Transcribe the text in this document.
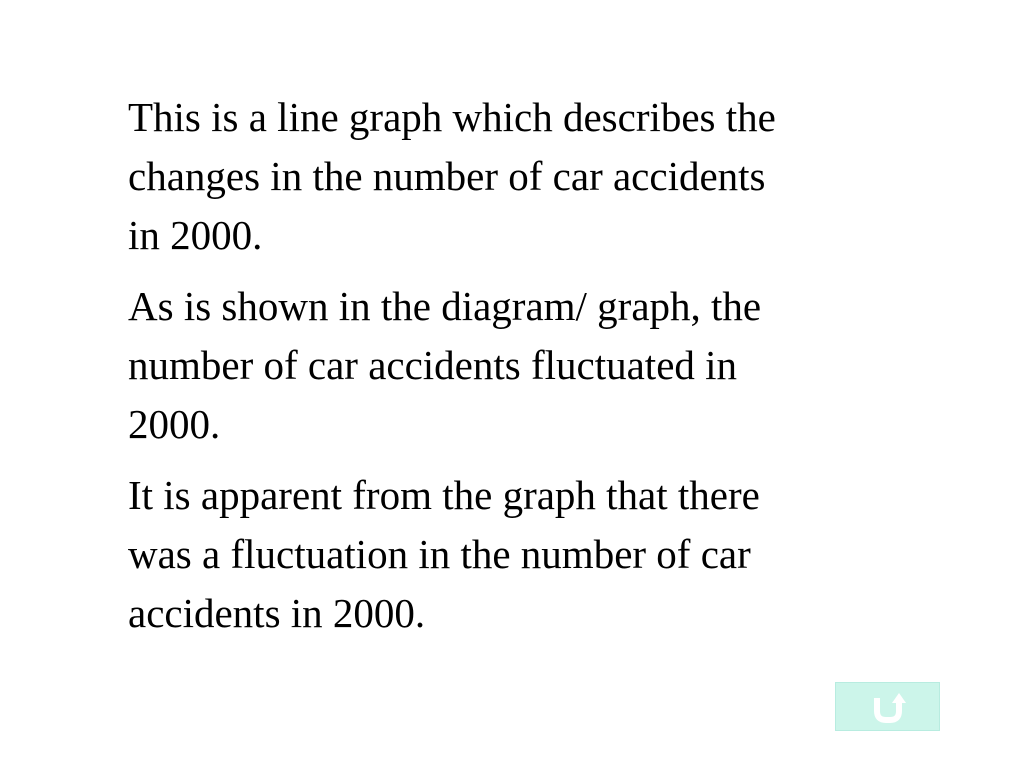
This is a line graph which describes the
changes in the number of car accidents
in 2000.

As is shown in the diagram/ graph, the
number of car accidents fluctuated in
2000.

It is apparent from the graph that there
was a fluctuation in the number of car
accidents in 2000.
